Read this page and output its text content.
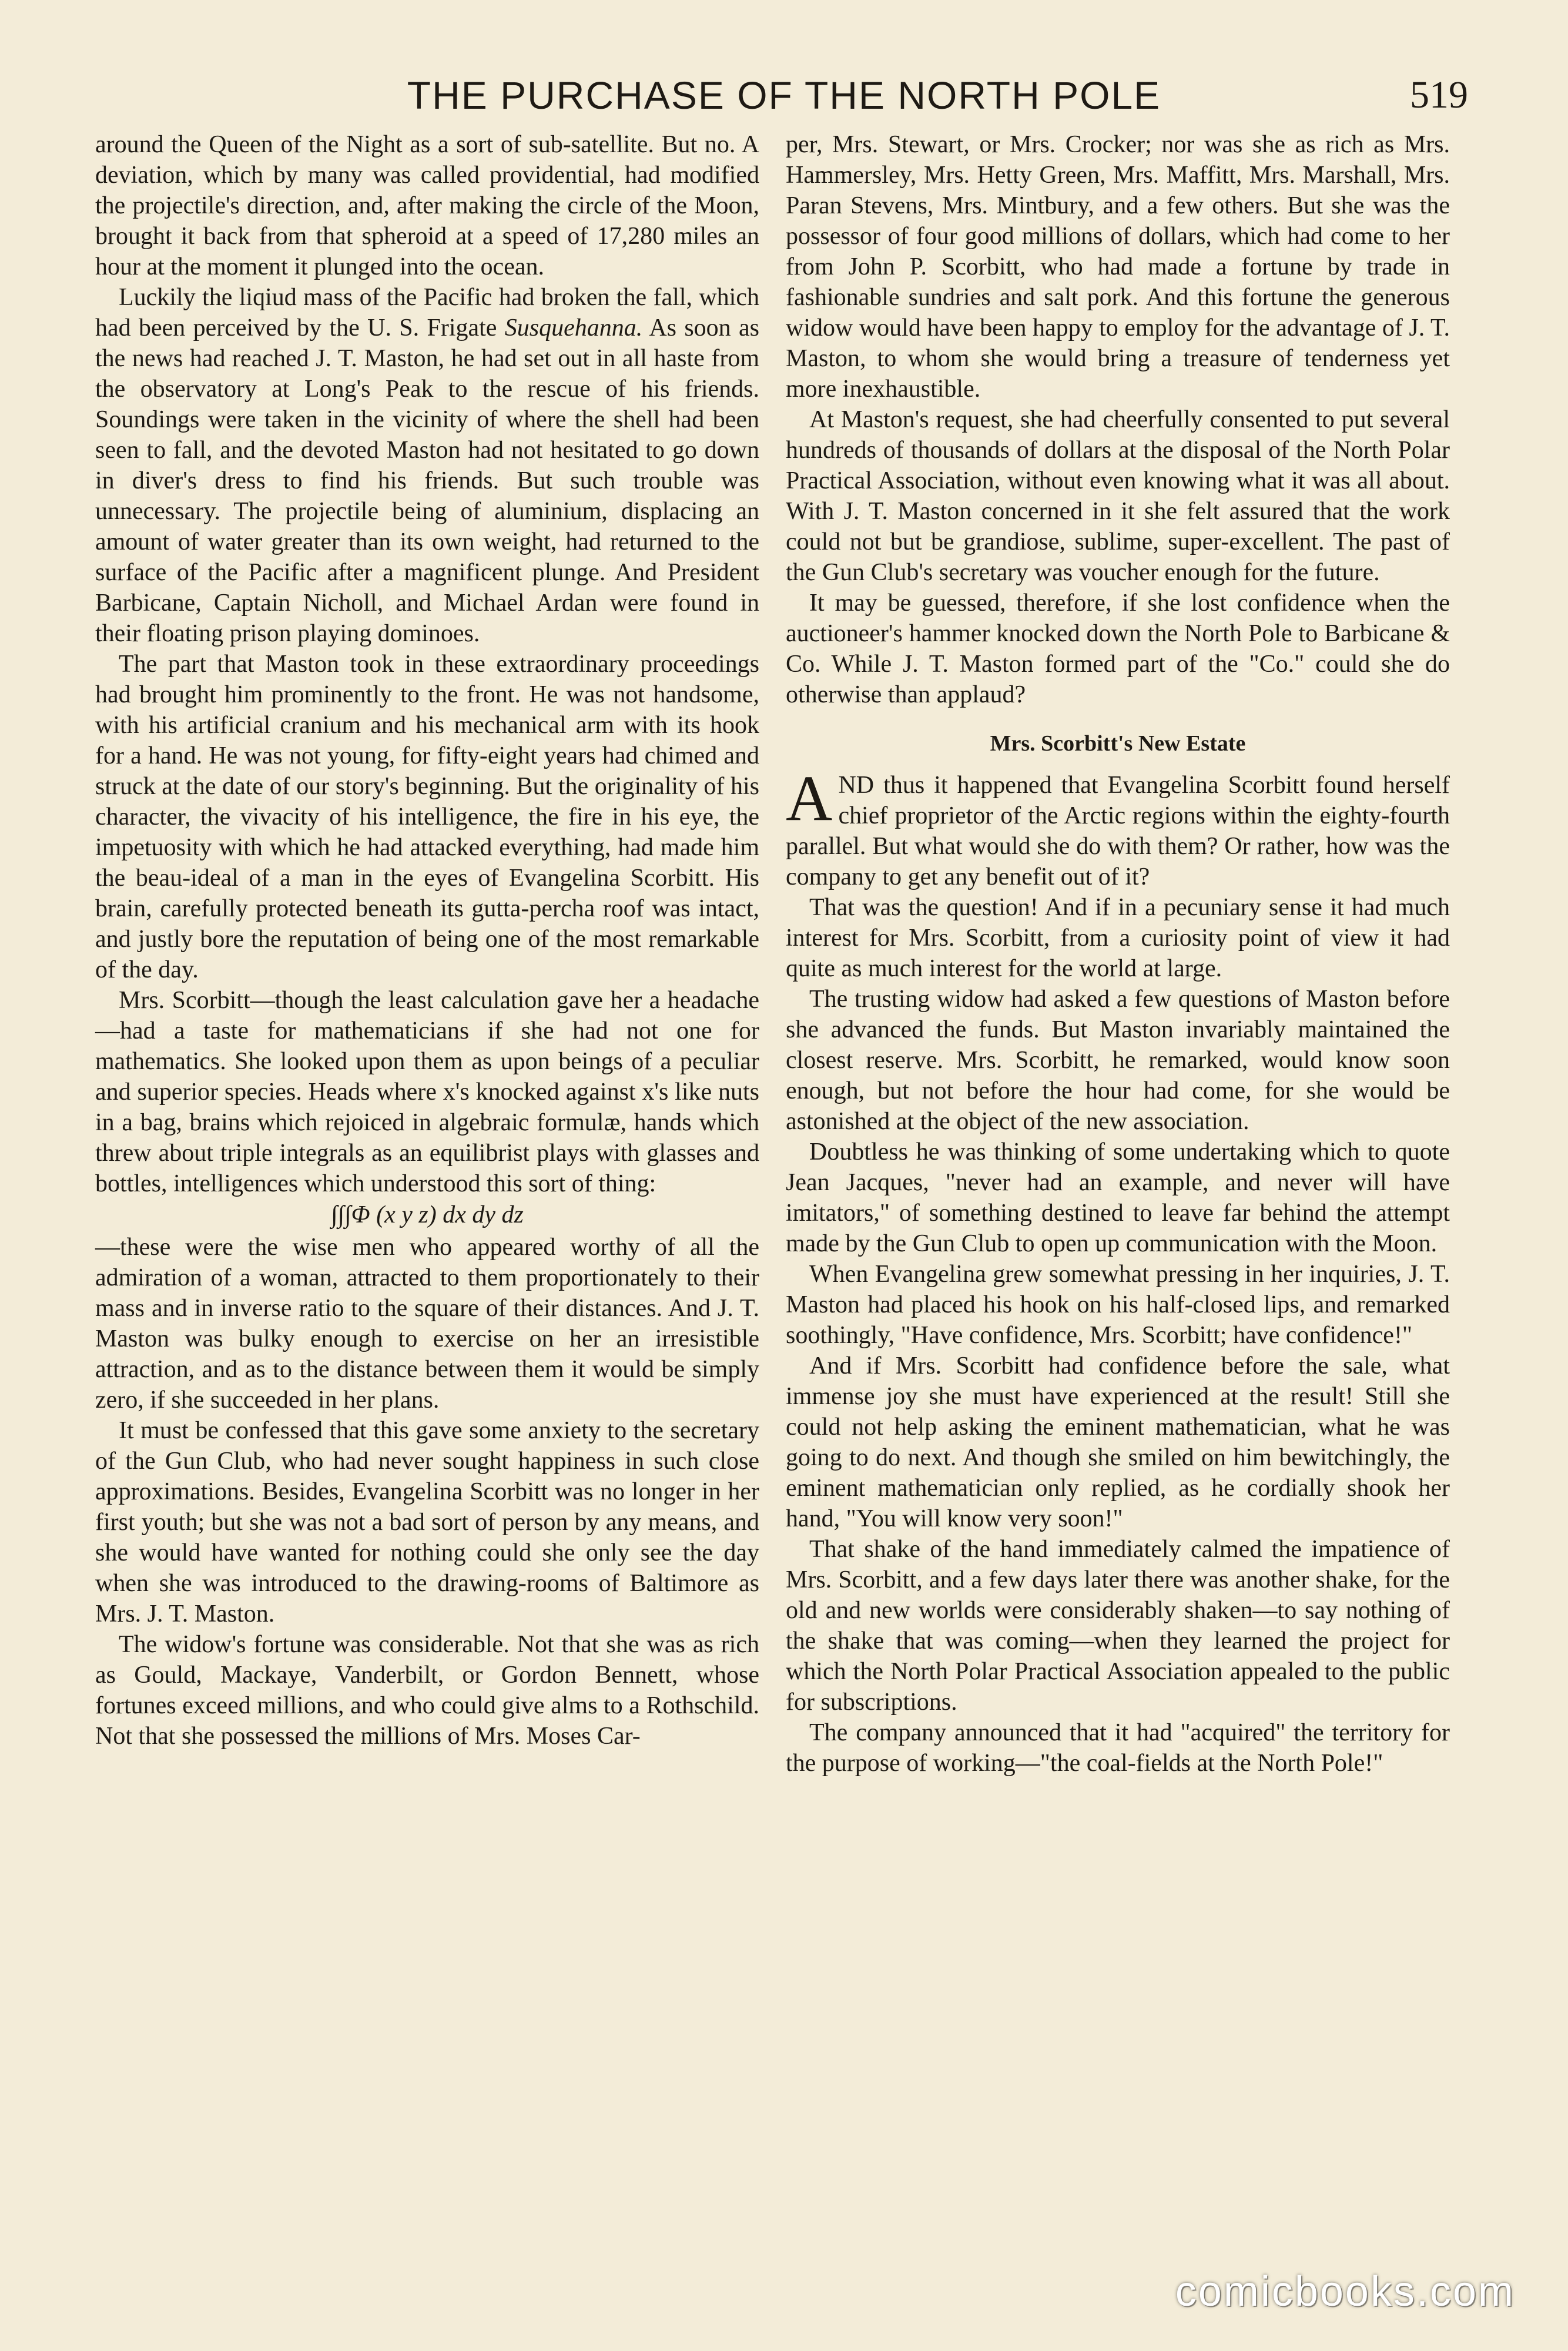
THE PURCHASE OF THE NORTH POLE	519

around the Queen of the Night as a sort of sub-satellite. But no. A deviation, which by many was called providential, had modified the projectile's direction, and, after making the circle of the Moon, brought it back from that spheroid at a speed of 17,280 miles an hour at the moment it plunged into the ocean.

Luckily the liqiud mass of the Pacific had broken the fall, which had been perceived by the U. S. Frigate Susquehanna. As soon as the news had reached J. T. Maston, he had set out in all haste from the observatory at Long's Peak to the rescue of his friends. Soundings were taken in the vicinity of where the shell had been seen to fall, and the devoted Maston had not hesitated to go down in diver's dress to find his friends. But such trouble was unnecessary. The projectile being of aluminium, displacing an amount of water greater than its own weight, had returned to the surface of the Pacific after a magnificent plunge. And President Barbicane, Captain Nicholl, and Michael Ardan were found in their floating prison playing dominoes.

The part that Maston took in these extraordinary proceedings had brought him prominently to the front. He was not handsome, with his artificial cranium and his mechanical arm with its hook for a hand. He was not young, for fifty-eight years had chimed and struck at the date of our story's beginning. But the originality of his character, the vivacity of his intelligence, the fire in his eye, the impetuosity with which he had attacked everything, had made him the beau-ideal of a man in the eyes of Evangelina Scorbitt. His brain, carefully protected beneath its gutta-percha roof was intact, and justly bore the reputation of being one of the most remarkable of the day.

Mrs. Scorbitt—though the least calculation gave her a headache—had a taste for mathematicians if she had not one for mathematics. She looked upon them as upon beings of a peculiar and superior species. Heads where x's knocked against x's like nuts in a bag, brains which rejoiced in algebraic formulæ, hands which threw about triple integrals as an equilibrist plays with glasses and bottles, intelligences which understood this sort of thing:

∫∫∫Φ (x y z) dx dy dz

—these were the wise men who appeared worthy of all the admiration of a woman, attracted to them proportionately to their mass and in inverse ratio to the square of their distances. And J. T. Maston was bulky enough to exercise on her an irresistible attraction, and as to the distance between them it would be simply zero, if she succeeded in her plans.

It must be confessed that this gave some anxiety to the secretary of the Gun Club, who had never sought happiness in such close approximations. Besides, Evangelina Scorbitt was no longer in her first youth; but she was not a bad sort of person by any means, and she would have wanted for nothing could she only see the day when she was introduced to the drawing-rooms of Baltimore as Mrs. J. T. Maston.

The widow's fortune was considerable. Not that she was as rich as Gould, Mackaye, Vanderbilt, or Gordon Bennett, whose fortunes exceed millions, and who could give alms to a Rothschild. Not that she possessed the millions of Mrs. Moses Car-

per, Mrs. Stewart, or Mrs. Crocker; nor was she as rich as Mrs. Hammersley, Mrs. Hetty Green, Mrs. Maffitt, Mrs. Marshall, Mrs. Paran Stevens, Mrs. Mintbury, and a few others. But she was the possessor of four good millions of dollars, which had come to her from John P. Scorbitt, who had made a fortune by trade in fashionable sundries and salt pork. And this fortune the generous widow would have been happy to employ for the advantage of J. T. Maston, to whom she would bring a treasure of tenderness yet more inexhaustible.

At Maston's request, she had cheerfully consented to put several hundreds of thousands of dollars at the disposal of the North Polar Practical Association, without even knowing what it was all about. With J. T. Maston concerned in it she felt assured that the work could not but be grandiose, sublime, super-excellent. The past of the Gun Club's secretary was voucher enough for the future.

It may be guessed, therefore, if she lost confidence when the auctioneer's hammer knocked down the North Pole to Barbicane & Co. While J. T. Maston formed part of the "Co." could she do otherwise than applaud?

Mrs. Scorbitt's New Estate

AND thus it happened that Evangelina Scorbitt found herself chief proprietor of the Arctic regions within the eighty-fourth parallel. But what would she do with them? Or rather, how was the company to get any benefit out of it?

That was the question! And if in a pecuniary sense it had much interest for Mrs. Scorbitt, from a curiosity point of view it had quite as much interest for the world at large.

The trusting widow had asked a few questions of Maston before she advanced the funds. But Maston invariably maintained the closest reserve. Mrs. Scorbitt, he remarked, would know soon enough, but not before the hour had come, for she would be astonished at the object of the new association.

Doubtless he was thinking of some undertaking which to quote Jean Jacques, "never had an example, and never will have imitators," of something destined to leave far behind the attempt made by the Gun Club to open up communication with the Moon.

When Evangelina grew somewhat pressing in her inquiries, J. T. Maston had placed his hook on his half-closed lips, and remarked soothingly, "Have confidence, Mrs. Scorbitt; have confidence!"

And if Mrs. Scorbitt had confidence before the sale, what immense joy she must have experienced at the result! Still she could not help asking the eminent mathematician, what he was going to do next. And though she smiled on him bewitchingly, the eminent mathematician only replied, as he cordially shook her hand, "You will know very soon!"

That shake of the hand immediately calmed the impatience of Mrs. Scorbitt, and a few days later there was another shake, for the old and new worlds were considerably shaken—to say nothing of the shake that was coming—when they learned the project for which the North Polar Practical Association appealed to the public for subscriptions.

The company announced that it had "acquired" the territory for the purpose of working—"the coal-fields at the North Pole!"

comicbooks.com
